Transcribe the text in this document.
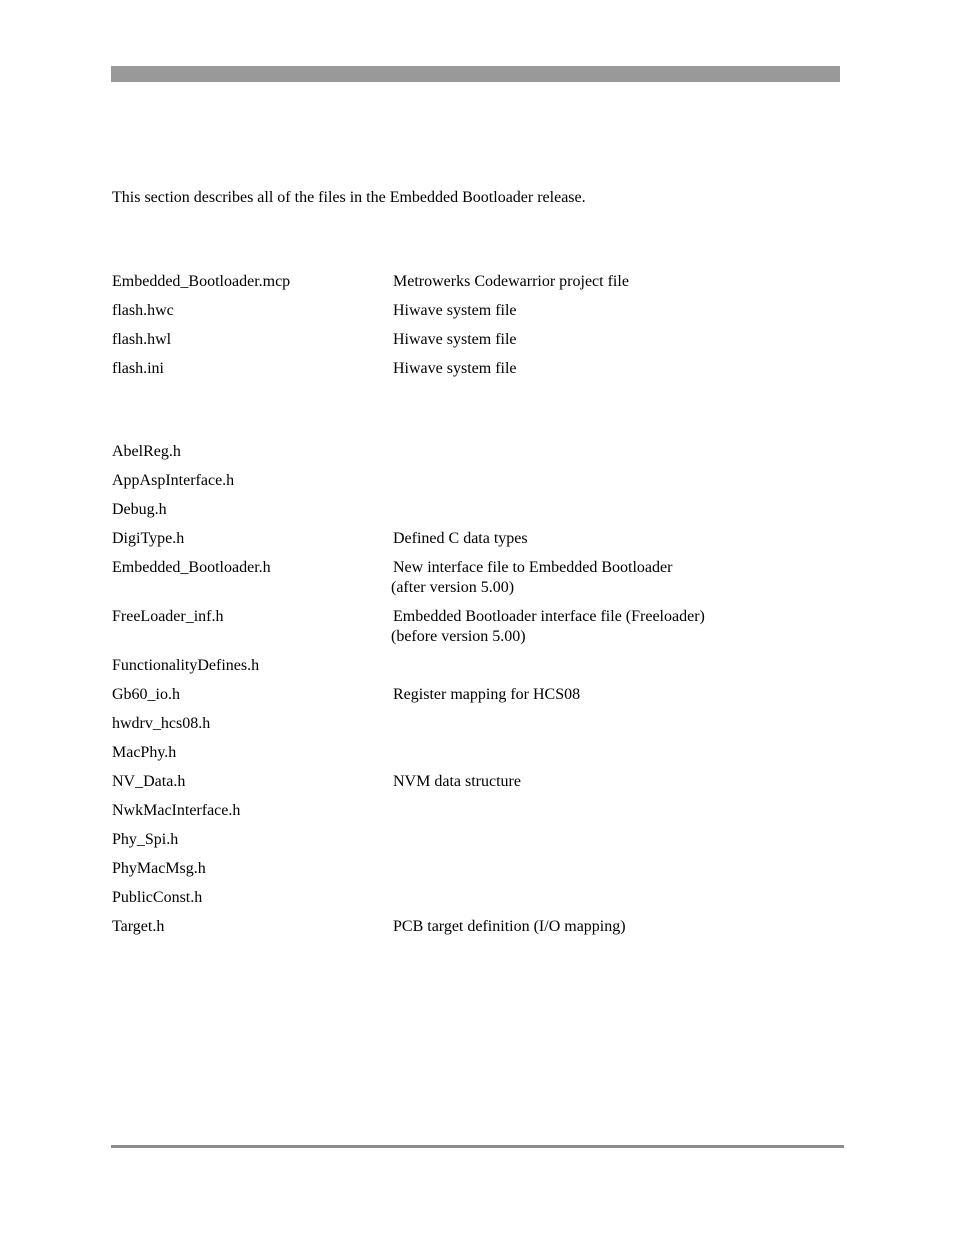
This section describes all of the files in the Embedded Bootloader release.
Embedded_Bootloader.mcp	Metrowerks Codewarrior project file
flash.hwc	Hiwave system file
flash.hwl	Hiwave system file
flash.ini	Hiwave system file
AbelReg.h
AppAspInterface.h
Debug.h
DigiType.h	Defined C data types
Embedded_Bootloader.h	New interface file to Embedded Bootloader
(after version 5.00)
FreeLoader_inf.h	Embedded Bootloader interface file (Freeloader)
(before version 5.00)
FunctionalityDefines.h
Gb60_io.h	Register mapping for HCS08
hwdrv_hcs08.h
MacPhy.h
NV_Data.h	NVM data structure
NwkMacInterface.h
Phy_Spi.h
PhyMacMsg.h
PublicConst.h
Target.h	PCB target definition (I/O mapping)
